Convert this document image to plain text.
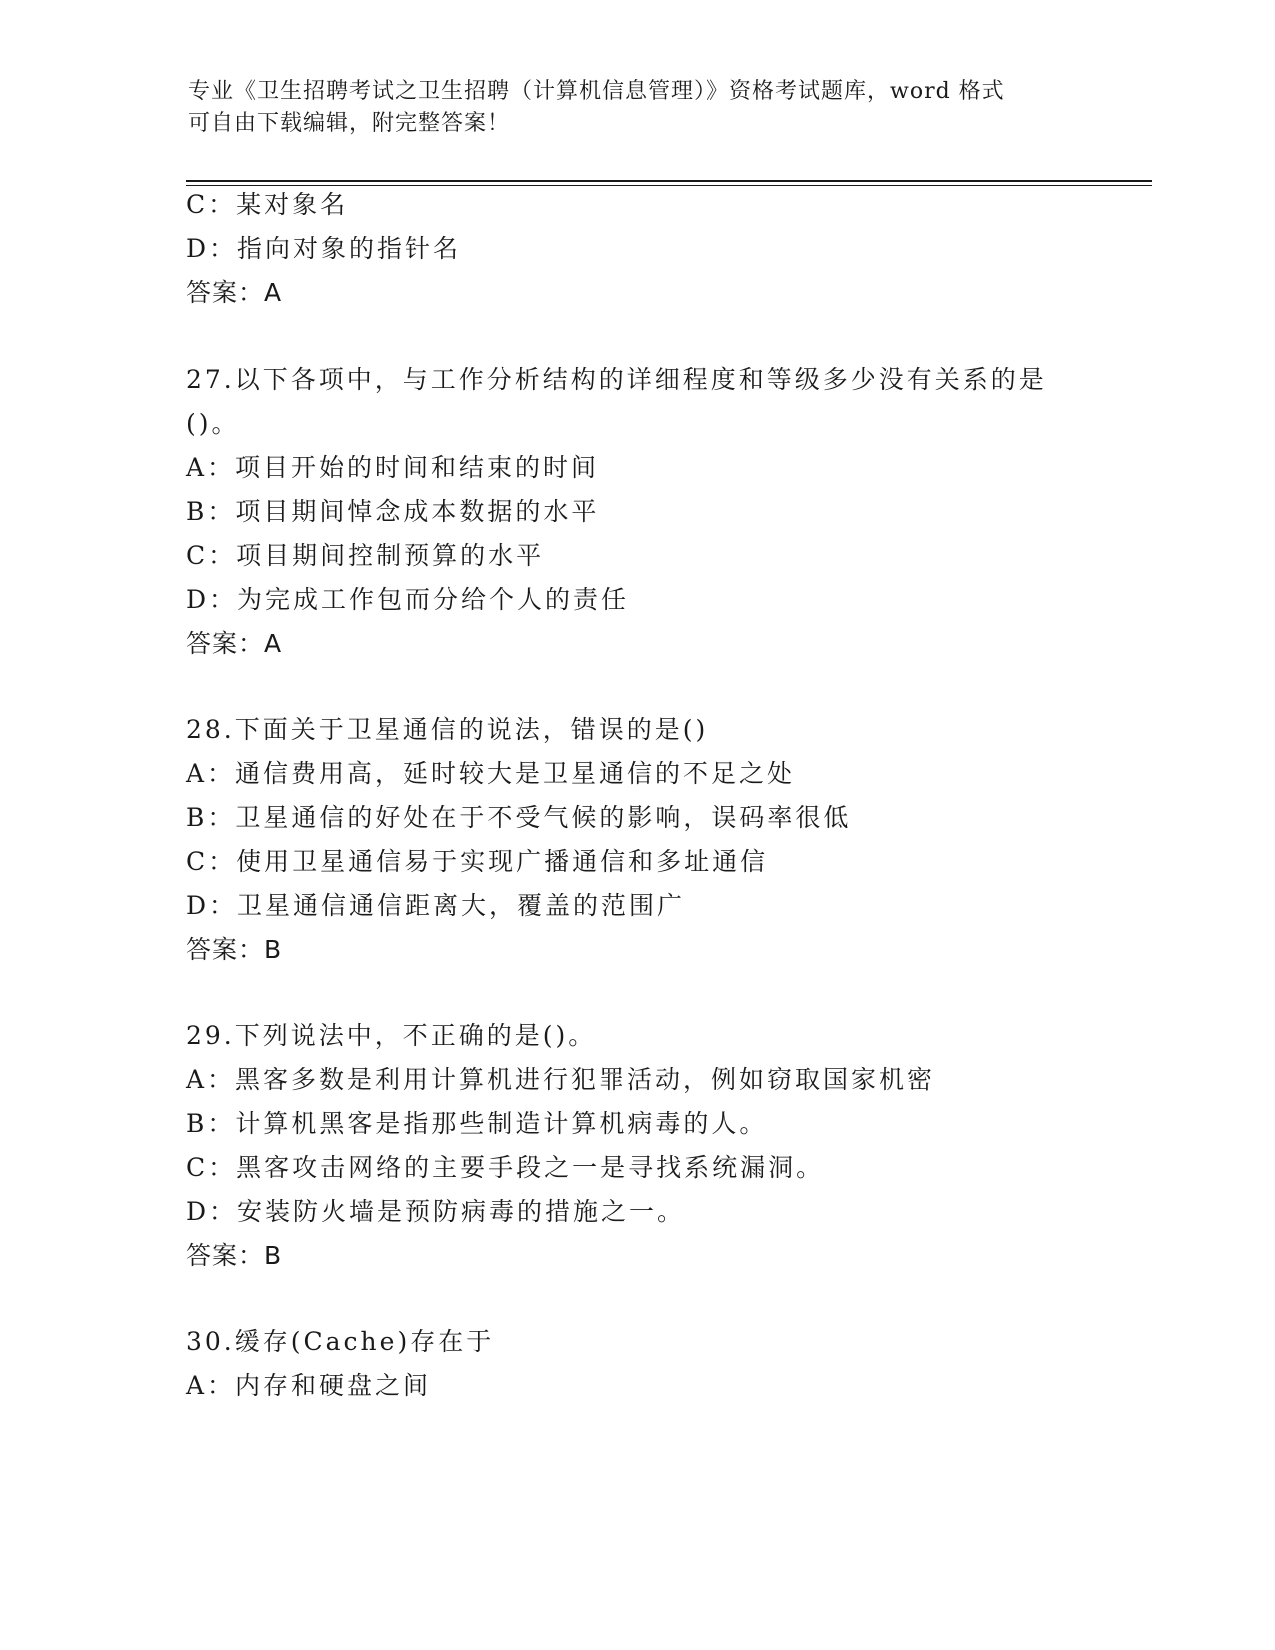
专业《卫生招聘考试之卫生招聘（计算机信息管理）》资格考试题库，word 格式
可自由下载编辑，附完整答案！
C：某对象名
D：指向对象的指针名
答案：A
27.以下各项中，与工作分析结构的详细程度和等级多少没有关系的是
()。
A：项目开始的时间和结束的时间
B：项目期间悼念成本数据的水平
C：项目期间控制预算的水平
D：为完成工作包而分给个人的责任
答案：A
28.下面关于卫星通信的说法，错误的是()
A：通信费用高，延时较大是卫星通信的不足之处
B：卫星通信的好处在于不受气候的影响，误码率很低
C：使用卫星通信易于实现广播通信和多址通信
D：卫星通信通信距离大，覆盖的范围广
答案：B
29.下列说法中，不正确的是()。
A：黑客多数是利用计算机进行犯罪活动，例如窃取国家机密
B：计算机黑客是指那些制造计算机病毒的人。
C：黑客攻击网络的主要手段之一是寻找系统漏洞。
D：安装防火墙是预防病毒的措施之一。
答案：B
30.缓存(Cache)存在于
A：内存和硬盘之间
